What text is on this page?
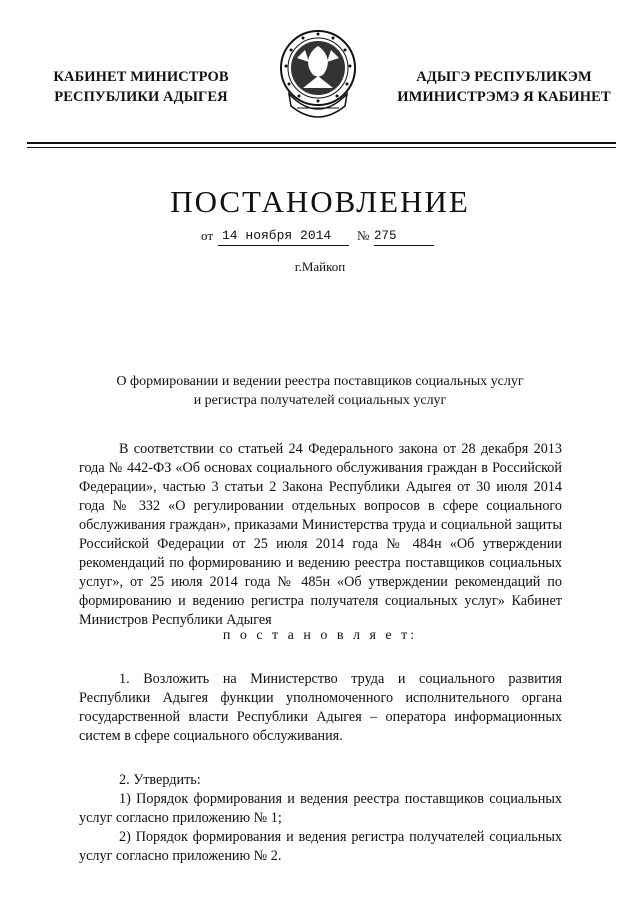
КАБИНЕТ МИНИСТРОВ
РЕСПУБЛИКИ АДЫГЕЯ
АДЫГЭ РЕСПУБЛИКЭМ
ИМИНИСТРЭМЭ Я КАБИНЕТ
ПОСТАНОВЛЕНИЕ
от 14 ноября 2014	№ 275
г.Майкоп
О формировании и ведении реестра поставщиков социальных услуг
и регистра получателей социальных услуг

В соответствии со статьей 24 Федерального закона от 28 декабря 2013 года № 442-ФЗ «Об основах социального обслуживания граждан в Российской Федерации», частью 3 статьи 2 Закона Республики Адыгея от 30 июля 2014 года № 332 «О регулировании отдельных вопросов в сфере социального обслуживания граждан», приказами Министерства труда и социальной защиты Российской Федерации от 25 июля 2014 года № 484н «Об утверждении рекомендаций по формированию и ведению реестра поставщиков социальных услуг», от 25 июля 2014 года № 485н «Об утверждении рекомендаций по формированию и ведению регистра получателя социальных услуг» Кабинет Министров Республики Адыгея

п о с т а н о в л я е т:

1. Возложить на Министерство труда и социального развития Республики Адыгея функции уполномоченного исполнительного органа государственной власти Республики Адыгея – оператора информационных систем в сфере социального обслуживания.

2. Утвердить:

1) Порядок формирования и ведения реестра поставщиков социальных услуг согласно приложению № 1;

2) Порядок формирования и ведения регистра получателей социальных услуг согласно приложению № 2.
